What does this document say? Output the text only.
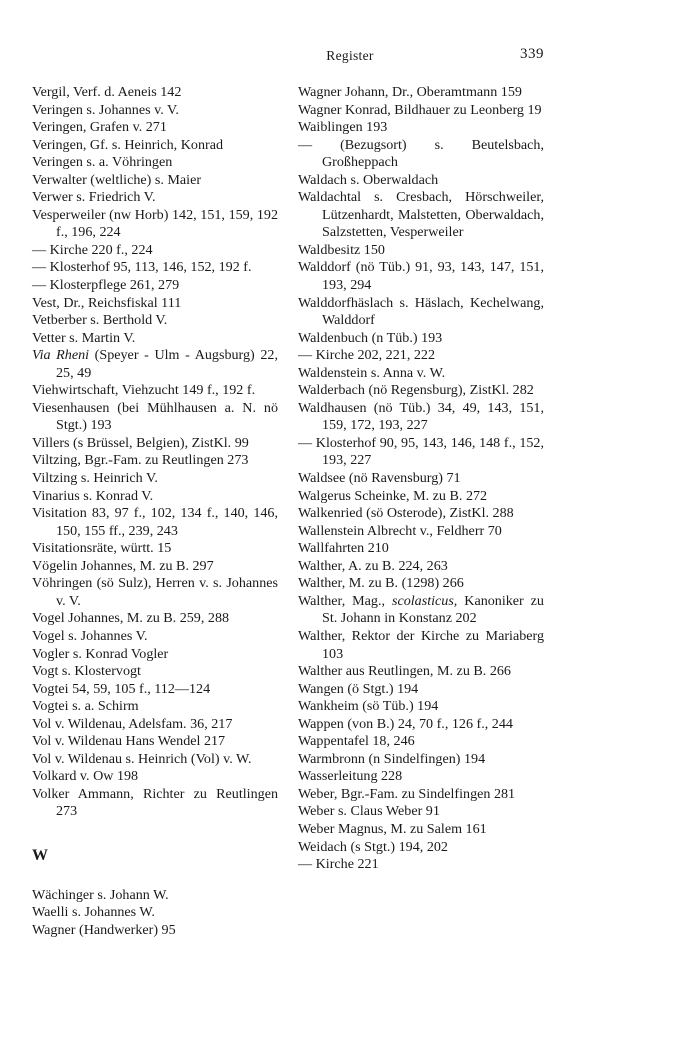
Register	339
Vergil, Verf. d. Aeneis 142
Veringen s. Johannes v. V.
Veringen, Grafen v. 271
Veringen, Gf. s. Heinrich, Konrad
Veringen s. a. Vöhringen
Verwalter (weltliche) s. Maier
Verwer s. Friedrich V.
Vesperweiler (nw Horb) 142, 151, 159, 192 f., 196, 224
— Kirche 220 f., 224
— Klosterhof 95, 113, 146, 152, 192 f.
— Klosterpflege 261, 279
Vest, Dr., Reichsfiskal 111
Vetberber s. Berthold V.
Vetter s. Martin V.
Via Rheni (Speyer - Ulm - Augsburg) 22, 25, 49
Viehwirtschaft, Viehzucht 149 f., 192 f.
Viesenhausen (bei Mühlhausen a. N. nö Stgt.) 193
Villers (s Brüssel, Belgien), ZistKl. 99
Viltzing, Bgr.-Fam. zu Reutlingen 273
Viltzing s. Heinrich V.
Vinarius s. Konrad V.
Visitation 83, 97 f., 102, 134 f., 140, 146, 150, 155 ff., 239, 243
Visitationsräte, württ. 15
Vögelin Johannes, M. zu B. 297
Vöhringen (sö Sulz), Herren v. s. Johannes v. V.
Vogel Johannes, M. zu B. 259, 288
Vogel s. Johannes V.
Vogler s. Konrad Vogler
Vogt s. Klostervogt
Vogtei 54, 59, 105 f., 112—124
Vogtei s. a. Schirm
Vol v. Wildenau, Adelsfam. 36, 217
Vol v. Wildenau Hans Wendel 217
Vol v. Wildenau s. Heinrich (Vol) v. W.
Volkard v. Ow 198
Volker Ammann, Richter zu Reutlingen 273
W
Wächinger s. Johann W.
Waelli s. Johannes W.
Wagner (Handwerker) 95
Wagner Johann, Dr., Oberamtmann 159
Wagner Konrad, Bildhauer zu Leonberg 19
Waiblingen 193
— (Bezugsort) s. Beutelsbach, Großheppach
Waldach s. Oberwaldach
Waldachtal s. Cresbach, Hörschweiler, Lützenhardt, Malstetten, Oberwaldach, Salzstetten, Vesperweiler
Waldbesitz 150
Walddorf (nö Tüb.) 91, 93, 143, 147, 151, 193, 294
Walddorfhäslach s. Häslach, Kechelwang, Walddorf
Waldenbuch (n Tüb.) 193
— Kirche 202, 221, 222
Waldenstein s. Anna v. W.
Walderbach (nö Regensburg), ZistKl. 282
Waldhausen (nö Tüb.) 34, 49, 143, 151, 159, 172, 193, 227
— Klosterhof 90, 95, 143, 146, 148 f., 152, 193, 227
Waldsee (nö Ravensburg) 71
Walgerus Scheinke, M. zu B. 272
Walkenried (sö Osterode), ZistKl. 288
Wallenstein Albrecht v., Feldherr 70
Wallfahrten 210
Walther, A. zu B. 224, 263
Walther, M. zu B. (1298) 266
Walther, Mag., scolasticus, Kanoniker zu St. Johann in Konstanz 202
Walther, Rektor der Kirche zu Mariaberg 103
Walther aus Reutlingen, M. zu B. 266
Wangen (ö Stgt.) 194
Wankheim (sö Tüb.) 194
Wappen (von B.) 24, 70 f., 126 f., 244
Wappentafel 18, 246
Warmbronn (n Sindelfingen) 194
Wasserleitung 228
Weber, Bgr.-Fam. zu Sindelfingen 281
Weber s. Claus Weber 91
Weber Magnus, M. zu Salem 161
Weidach (s Stgt.) 194, 202
— Kirche 221
